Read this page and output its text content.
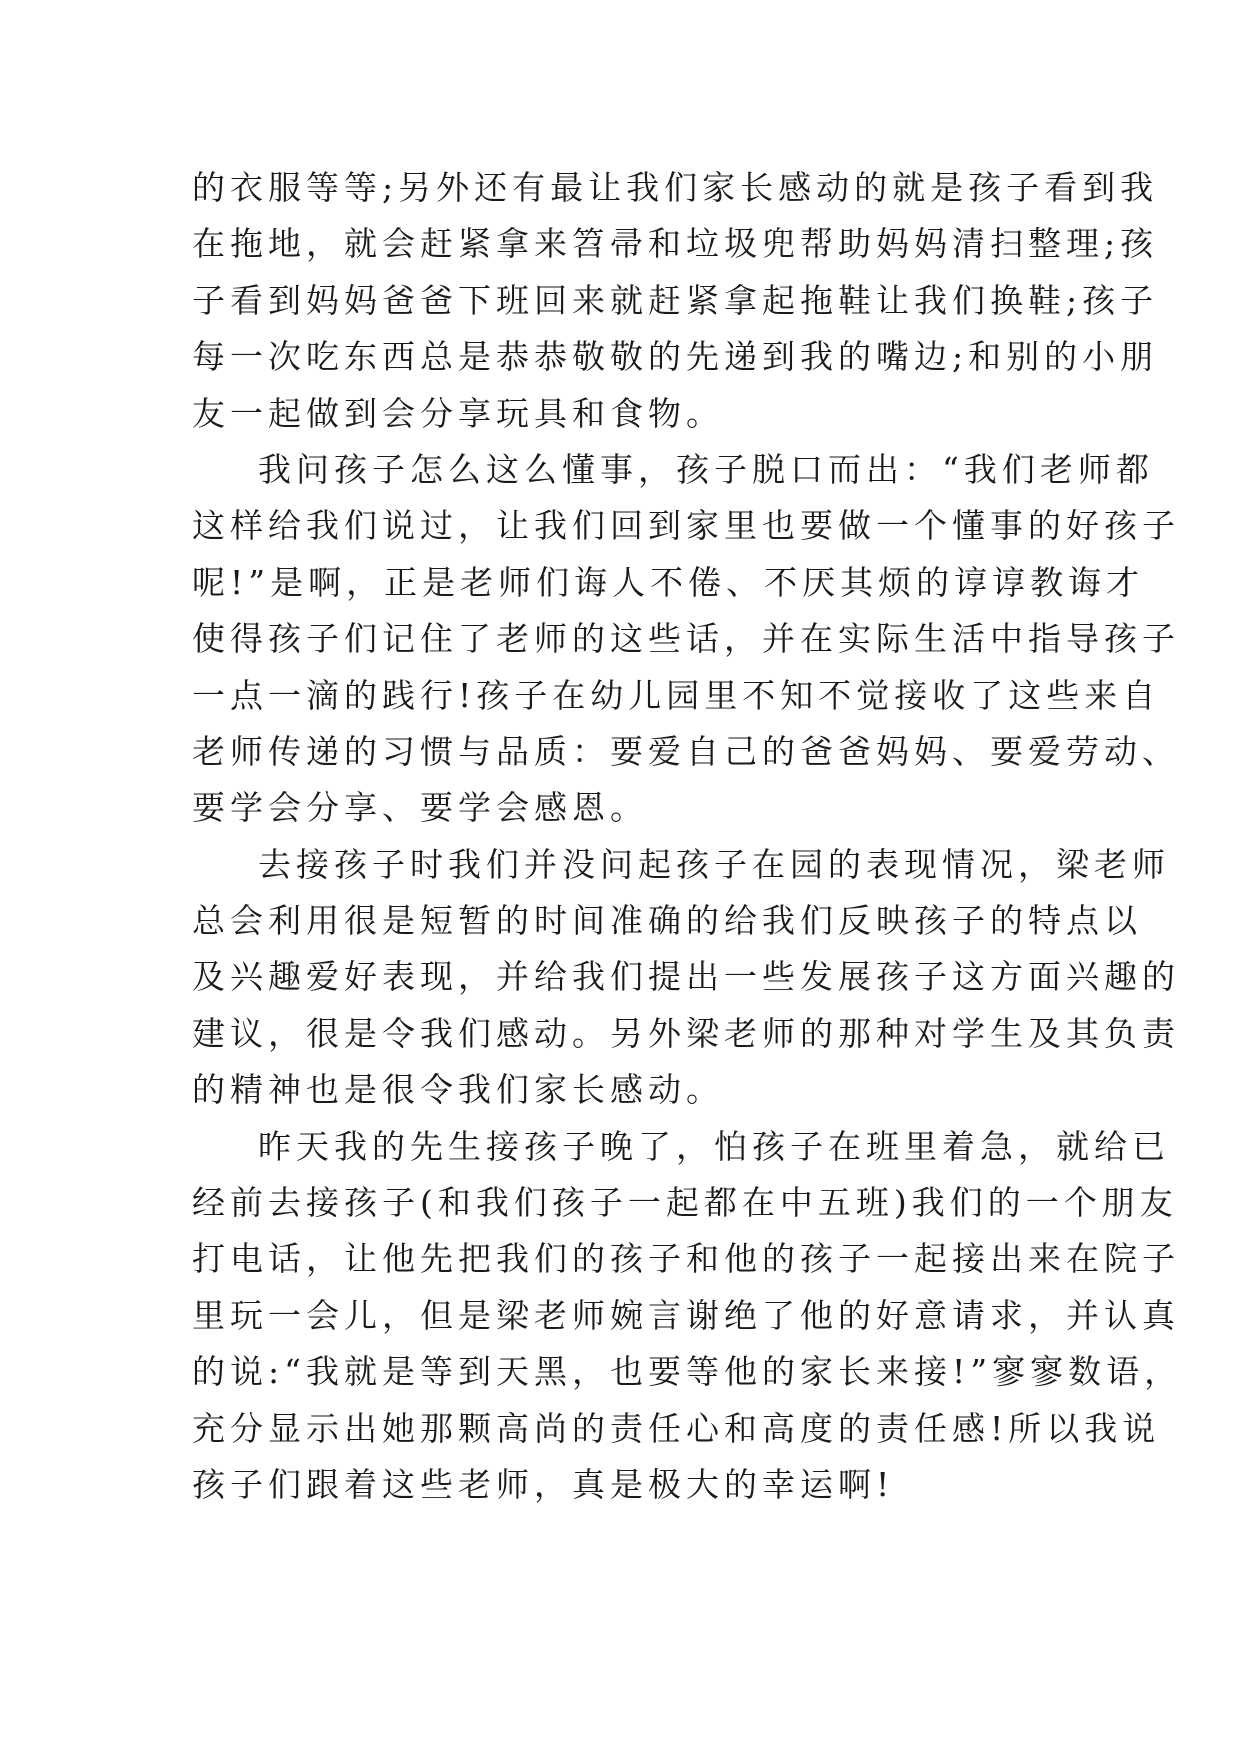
的衣服等等;另外还有最让我们家长感动的就是孩子看到我
在拖地，就会赶紧拿来笤帚和垃圾兜帮助妈妈清扫整理;孩
子看到妈妈爸爸下班回来就赶紧拿起拖鞋让我们换鞋;孩子
每一次吃东西总是恭恭敬敬的先递到我的嘴边;和别的小朋
友一起做到会分享玩具和食物。
我问孩子怎么这么懂事，孩子脱口而出：“我们老师都
这样给我们说过，让我们回到家里也要做一个懂事的好孩子
呢!”是啊，正是老师们诲人不倦、不厌其烦的谆谆教诲才
使得孩子们记住了老师的这些话，并在实际生活中指导孩子
一点一滴的践行!孩子在幼儿园里不知不觉接收了这些来自
老师传递的习惯与品质：要爱自己的爸爸妈妈、要爱劳动、
要学会分享、要学会感恩。
去接孩子时我们并没问起孩子在园的表现情况，梁老师
总会利用很是短暂的时间准确的给我们反映孩子的特点以
及兴趣爱好表现，并给我们提出一些发展孩子这方面兴趣的
建议，很是令我们感动。另外梁老师的那种对学生及其负责
的精神也是很令我们家长感动。
昨天我的先生接孩子晚了，怕孩子在班里着急，就给已
经前去接孩子(和我们孩子一起都在中五班)我们的一个朋友
打电话，让他先把我们的孩子和他的孩子一起接出来在院子
里玩一会儿，但是梁老师婉言谢绝了他的好意请求，并认真
的说:“我就是等到天黑，也要等他的家长来接!”寥寥数语，
充分显示出她那颗高尚的责任心和高度的责任感!所以我说
孩子们跟着这些老师，真是极大的幸运啊!
